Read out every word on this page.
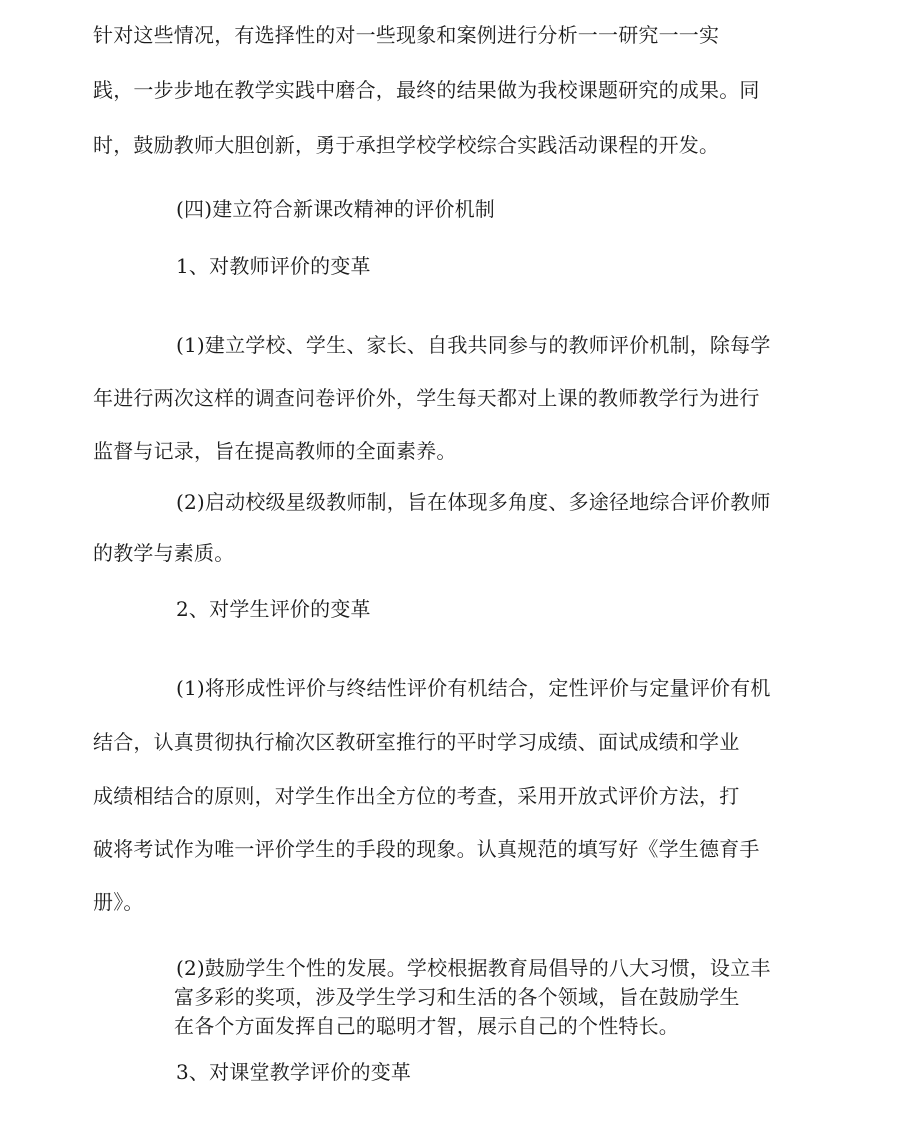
针对这些情况，有选择性的对一些现象和案例进行分析一一研究一一实
践，一步步地在教学实践中磨合，最终的结果做为我校课题研究的成果。同
时，鼓励教师大胆创新，勇于承担学校学校综合实践活动课程的开发。
(四)建立符合新课改精神的评价机制
1、对教师评价的变革
(1)建立学校、学生、家长、自我共同参与的教师评价机制，除每学
年进行两次这样的调查问卷评价外，学生每天都对上课的教师教学行为进行
监督与记录，旨在提高教师的全面素养。
(2)启动校级星级教师制，旨在体现多角度、多途径地综合评价教师
的教学与素质。
2、对学生评价的变革
(1)将形成性评价与终结性评价有机结合，定性评价与定量评价有机
结合，认真贯彻执行榆次区教研室推行的平时学习成绩、面试成绩和学业
成绩相结合的原则，对学生作出全方位的考查，采用开放式评价方法，打
破将考试作为唯一评价学生的手段的现象。认真规范的填写好《学生德育手
册》。
(2)鼓励学生个性的发展。学校根据教育局倡导的八大习惯，设立丰
富多彩的奖项，涉及学生学习和生活的各个领域，旨在鼓励学生
在各个方面发挥自己的聪明才智，展示自己的个性特长。
3、对课堂教学评价的变革
